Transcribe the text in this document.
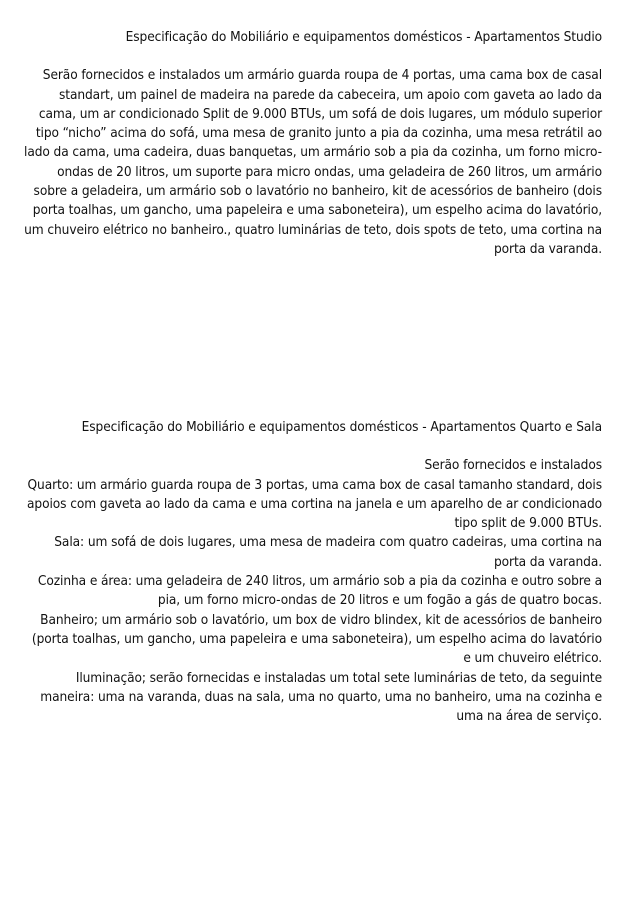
Especificação do Mobiliário e equipamentos domésticos - Apartamentos Studio

Serão fornecidos e instalados um armário guarda roupa de 4 portas, uma cama box de casal standart, um painel de madeira na parede da cabeceira, um apoio com gaveta ao lado da cama, um ar condicionado Split de 9.000 BTUs, um sofá de dois lugares, um módulo superior tipo “nicho” acima do sofá, uma mesa de granito junto a pia da cozinha, uma mesa retrátil ao lado da cama, uma cadeira, duas banquetas, um armário sob a pia da cozinha, um forno micro-ondas de 20 litros, um suporte para micro ondas, uma geladeira de 260 litros, um armário sobre a geladeira, um armário sob o lavatório no banheiro, kit de acessórios de banheiro (dois porta toalhas, um gancho, uma papeleira e uma saboneteira), um espelho acima do lavatório, um chuveiro elétrico no banheiro., quatro luminárias de teto, dois spots de teto, uma cortina na porta da varanda.

Especificação do Mobiliário e equipamentos domésticos - Apartamentos Quarto e Sala

Serão fornecidos e instalados

Quarto: um armário guarda roupa de 3 portas, uma cama box de casal tamanho standard, dois apoios com gaveta ao lado da cama e uma cortina na janela e um aparelho de ar condicionado tipo split de 9.000 BTUs.

Sala: um sofá de dois lugares, uma mesa de madeira com quatro cadeiras, uma cortina na porta da varanda.

Cozinha e área: uma geladeira de 240 litros, um armário sob a pia da cozinha e outro sobre a pia, um forno micro-ondas de 20 litros e um fogão a gás de quatro bocas.

Banheiro; um armário sob o lavatório, um box de vidro blindex, kit de acessórios de banheiro (porta toalhas, um gancho, uma papeleira e uma saboneteira), um espelho acima do lavatório e um chuveiro elétrico.

Iluminação; serão fornecidas e instaladas um total sete luminárias de teto, da seguinte maneira: uma na varanda, duas na sala, uma no quarto, uma no banheiro, uma na cozinha e uma na área de serviço.
